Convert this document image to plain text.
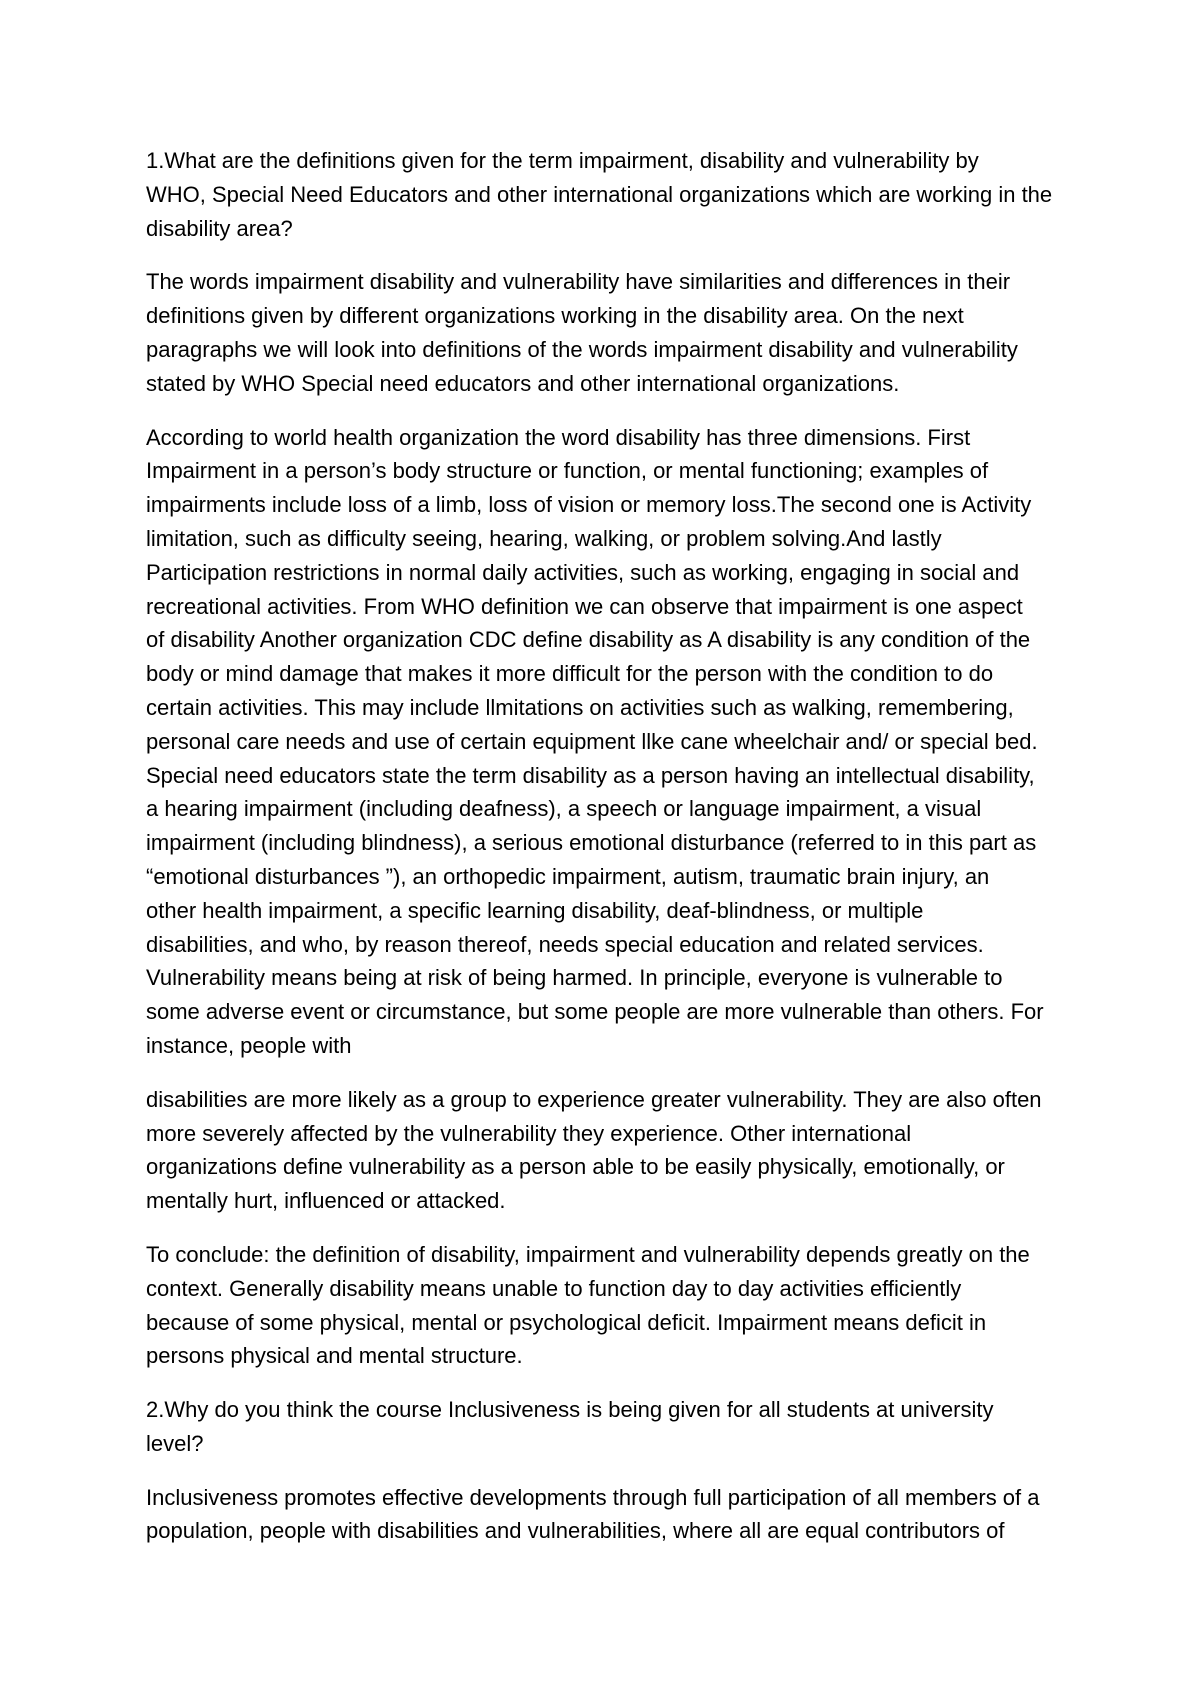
1.What are the definitions given for the term impairment, disability and vulnerability by
WHO, Special Need Educators and other international organizations which are working in the
disability area?

The words impairment disability and vulnerability have similarities and differences in their
definitions given by different organizations working in the disability area. On the next
paragraphs we will look into definitions of the words impairment disability and vulnerability
stated by WHO Special need educators and other international organizations.

According to world health organization the word disability has three dimensions. First
Impairment in a person’s body structure or function, or mental functioning; examples of
impairments include loss of a limb, loss of vision or memory loss.The second one is Activity
limitation, such as difficulty seeing, hearing, walking, or problem solving.And lastly
Participation restrictions in normal daily activities, such as working, engaging in social and
recreational activities. From WHO definition we can observe that impairment is one aspect
of disability Another organization CDC define disability as A disability is any condition of the
body or mind damage that makes it more difficult for the person with the condition to do
certain activities. This may include llmitations on activities such as walking, remembering,
personal care needs and use of certain equipment llke cane wheelchair and/ or special bed.
Special need educators state the term disability as a person having an intellectual disability,
a hearing impairment (including deafness), a speech or language impairment, a visual
impairment (including blindness), a serious emotional disturbance (referred to in this part as
“emotional disturbances ”), an orthopedic impairment, autism, traumatic brain injury, an
other health impairment, a specific learning disability, deaf-blindness, or multiple
disabilities, and who, by reason thereof, needs special education and related services.
Vulnerability means being at risk of being harmed. In principle, everyone is vulnerable to
some adverse event or circumstance, but some people are more vulnerable than others. For
instance, people with

disabilities are more likely as a group to experience greater vulnerability. They are also often
more severely affected by the vulnerability they experience. Other international
organizations define vulnerability as a person able to be easily physically, emotionally, or
mentally hurt, influenced or attacked.

To conclude: the definition of disability, impairment and vulnerability depends greatly on the
context. Generally disability means unable to function day to day activities efficiently
because of some physical, mental or psychological deficit. Impairment means deficit in
persons physical and mental structure.

2.Why do you think the course Inclusiveness is being given for all students at university
level?

Inclusiveness promotes effective developments through full participation of all members of a
population, people with disabilities and vulnerabilities, where all are equal contributors of
